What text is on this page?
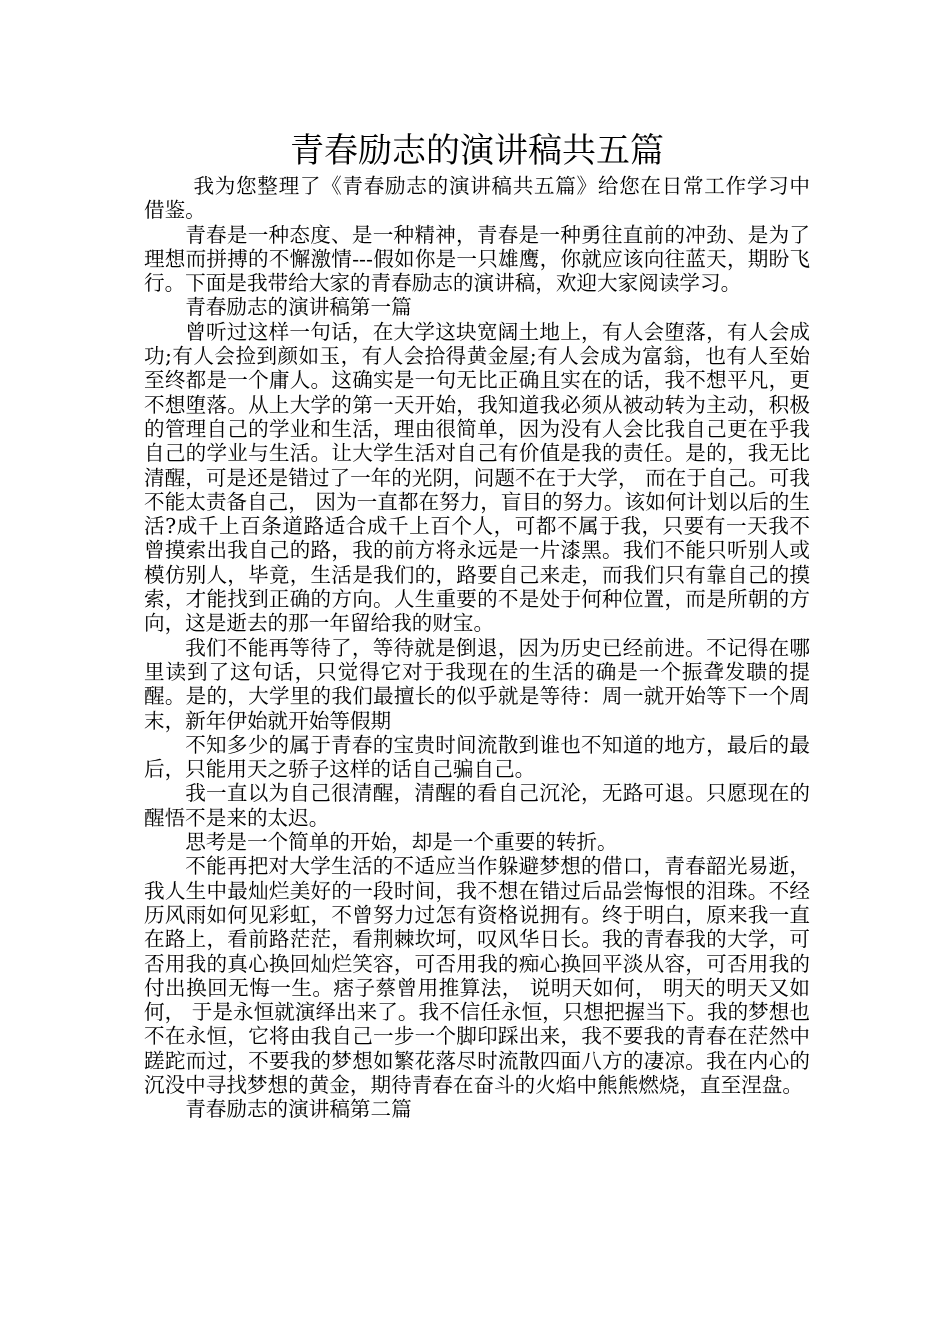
青春励志的演讲稿共五篇

我为您整理了《青春励志的演讲稿共五篇》给您在日常工作学习中借鉴。

青春是一种态度、是一种精神，青春是一种勇往直前的冲劲、是为了理想而拼搏的不懈激情---假如你是一只雄鹰，你就应该向往蓝天，期盼飞行。下面是我带给大家的青春励志的演讲稿，欢迎大家阅读学习。

青春励志的演讲稿第一篇

曾听过这样一句话，在大学这块宽阔土地上，有人会堕落，有人会成功;有人会捡到颜如玉，有人会拾得黄金屋;有人会成为富翁，也有人至始至终都是一个庸人。这确实是一句无比正确且实在的话，我不想平凡，更不想堕落。从上大学的第一天开始，我知道我必须从被动转为主动，积极的管理自己的学业和生活，理由很简单，因为没有人会比我自己更在乎我自己的学业与生活。让大学生活对自己有价值是我的责任。是的，我无比清醒，可是还是错过了一年的光阴，问题不在于大学， 而在于自己。可我不能太责备自己， 因为一直都在努力，盲目的努力。该如何计划以后的生活?成千上百条道路适合成千上百个人，可都不属于我，只要有一天我不曾摸索出我自己的路，我的前方将永远是一片漆黑。我们不能只听别人或模仿别人，毕竟，生活是我们的，路要自己来走，而我们只有靠自己的摸索，才能找到正确的方向。人生重要的不是处于何种位置，而是所朝的方向，这是逝去的那一年留给我的财宝。

我们不能再等待了，等待就是倒退，因为历史已经前进。不记得在哪里读到了这句话，只觉得它对于我现在的生活的确是一个振聋发聩的提醒。是的，大学里的我们最擅长的似乎就是等待：周一就开始等下一个周末，新年伊始就开始等假期

不知多少的属于青春的宝贵时间流散到谁也不知道的地方，最后的最后，只能用天之骄子这样的话自己骗自己。

我一直以为自己很清醒，清醒的看自己沉沦，无路可退。只愿现在的醒悟不是来的太迟。

思考是一个简单的开始，却是一个重要的转折。

不能再把对大学生活的不适应当作躲避梦想的借口，青春韶光易逝，我人生中最灿烂美好的一段时间，我不想在错过后品尝悔恨的泪珠。不经历风雨如何见彩虹，不曾努力过怎有资格说拥有。终于明白，原来我一直在路上，看前路茫茫，看荆棘坎坷，叹风华日长。我的青春我的大学，可否用我的真心换回灿烂笑容，可否用我的痴心换回平淡从容，可否用我的付出换回无悔一生。痞子蔡曾用推算法， 说明天如何， 明天的明天又如何， 于是永恒就演绎出来了。我不信任永恒，只想把握当下。我的梦想也不在永恒，它将由我自己一步一个脚印踩出来，我不要我的青春在茫然中蹉跎而过，不要我的梦想如繁花落尽时流散四面八方的凄凉。我在内心的沉没中寻找梦想的黄金，期待青春在奋斗的火焰中熊熊燃烧，直至涅盘。

青春励志的演讲稿第二篇
